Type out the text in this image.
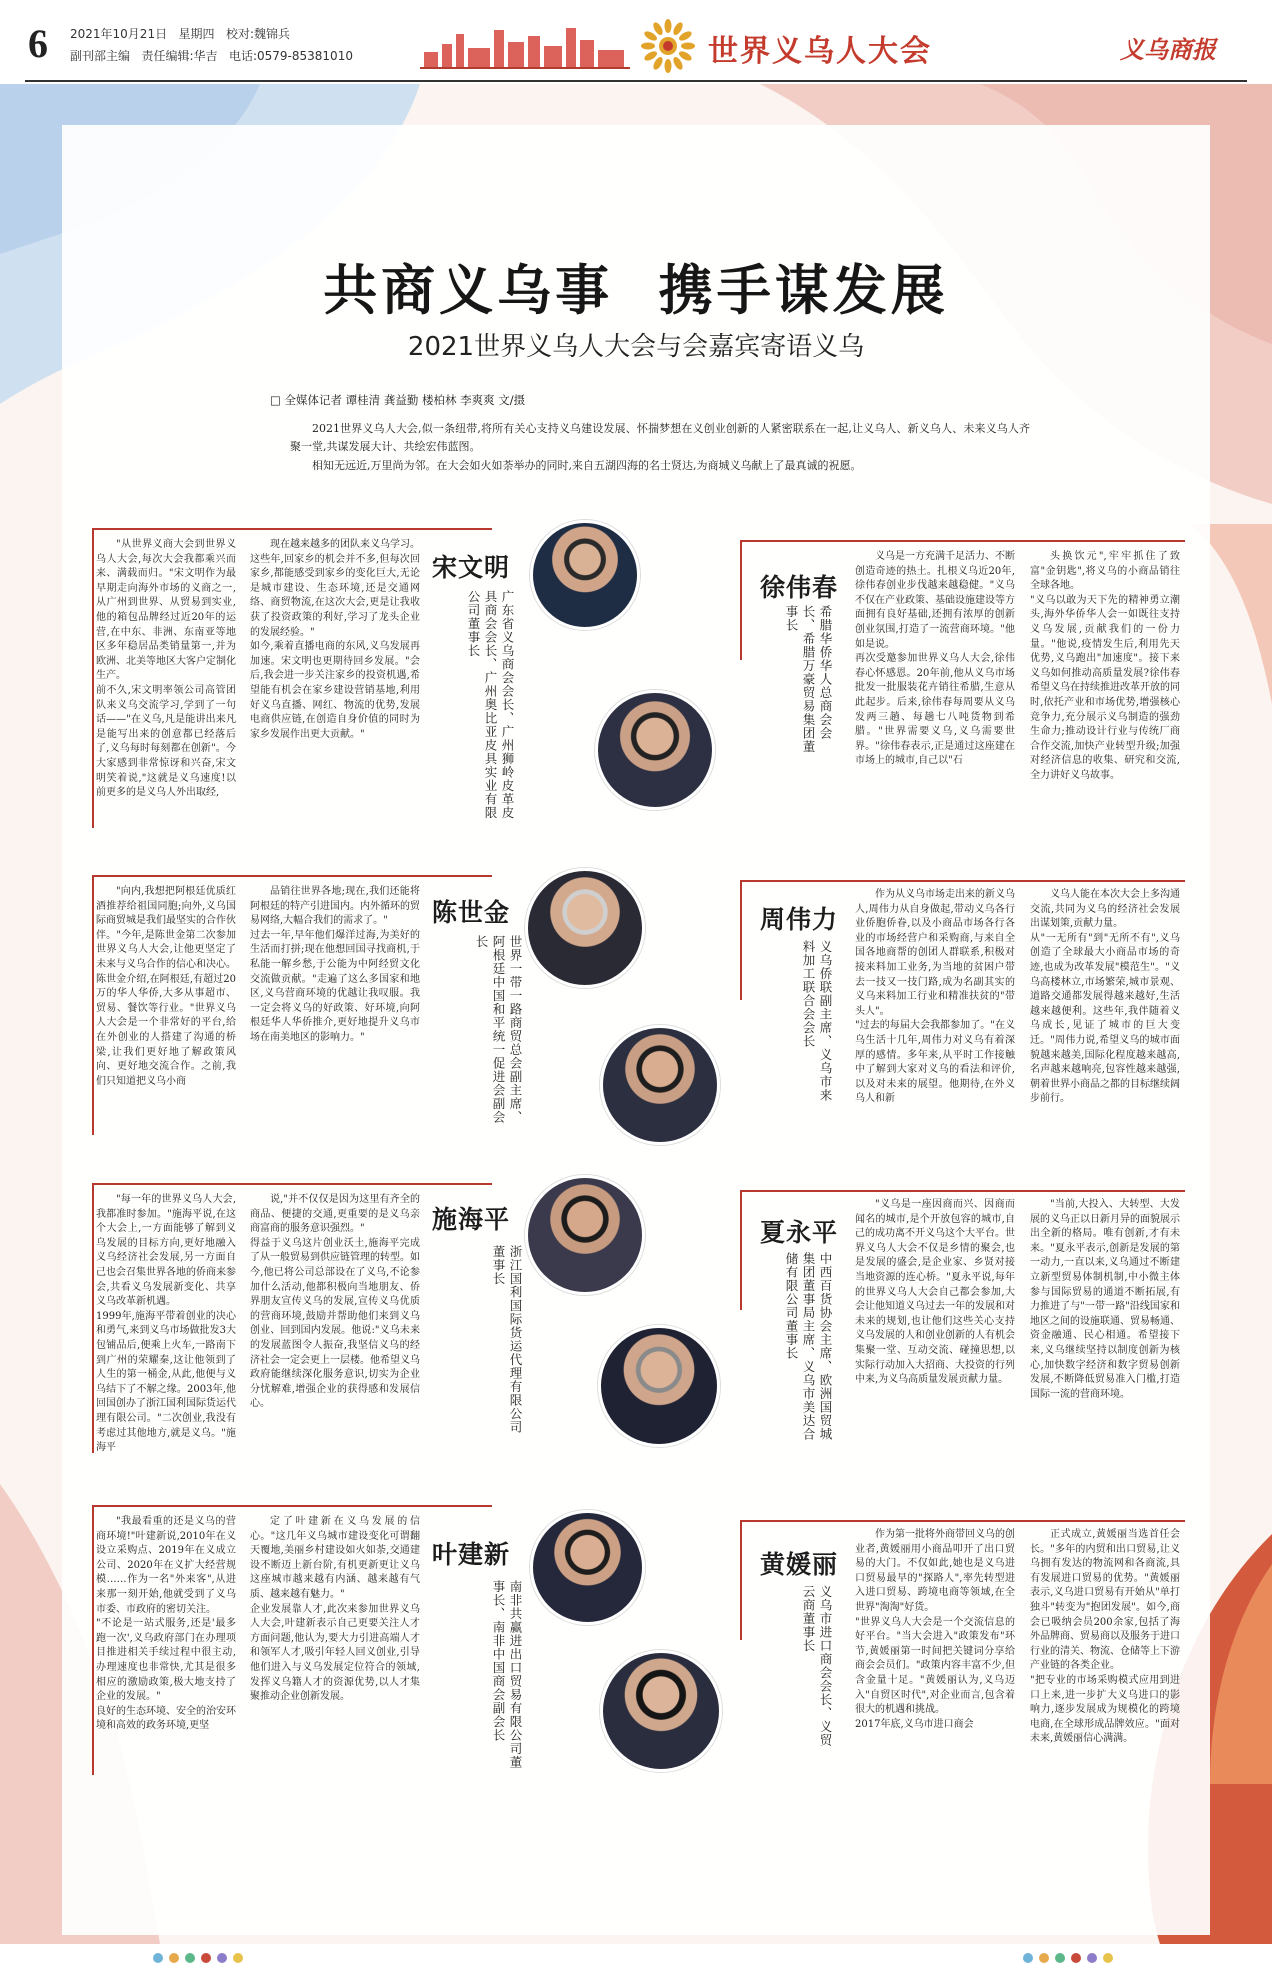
6 2021年10月21日 星期四 校对:魏锦兵
副刊部主编 责任编辑:华吉 电话:0579-85381010	世界义乌人大会	义乌商报
共商义乌事  携手谋发展
2021世界义乌人大会与会嘉宾寄语义乌
□ 全媒体记者 谭桂清 龚益勤 楼柏林 李爽爽 文/摄
2021世界义乌人大会,似一条纽带,将所有关心支持义乌建设发展、怀揣梦想在义创业创新的人紧密联系在一起,让义乌人、新义乌人、未来义乌人齐聚一堂,共谋发展大计、共绘宏伟蓝图。
相知无远近,万里尚为邻。在大会如火如荼举办的同时,来自五湖四海的名士贤达,为商城义乌献上了最真诚的祝愿。
"从世界义商大会到世界义乌人大会,每次大会我都乘兴而来、满载而归。"宋文明作为最早期走向海外市场的义商之一,从广州到世界、从贸易到实业,他的箱包品牌经过近20年的运营,在中东、非洲、东南亚等地区多年稳居品类销量第一,并为欧洲、北美等地区大客户定制化生产。
前不久,宋文明率领公司高管团队来义乌交流学习,学到了一句话——"在义乌,凡是能讲出来凡是能写出来的创意都已经落后了,义乌每时每刻都在创新"。今大家感到非常惊讶和兴奋,宋文明笑着说,"这就是义乌速度!以前更多的是义乌人外出取经,
现在越来越多的团队来义乌学习。这些年,回家乡的机会并不多,但每次回家乡,都能感受到家乡的变化巨大,无论是城市建设、生态环境,还是交通网络、商贸物流,在这次大会,更是让我收获了投资政策的利好,学习了龙头企业的发展经验。"
如今,乘着直播电商的东风,义乌发展再加速。宋文明也更期待回乡发展。"会后,我会进一步关注家乡的投资机遇,希望能有机会在家乡建设营销基地,利用好义乌直播、网红、物流的优势,发展电商供应链,在创造自身价值的同时为家乡发展作出更大贡献。"
宋文明
广东省义乌商会会长、广州狮岭皮革皮具商会会长、广州奥比亚皮具实业有限公司董事长
徐伟春
希腊华侨华人总商会会长、希腊万豪贸易集团董事长
义乌是一方充满千足活力、不断创造奇迹的热土。扎根义乌近20年,徐伟春创业步伐越来越稳健。"义乌不仅在产业政策、基础设施建设等方面拥有良好基础,还拥有浓厚的创新创业氛围,打造了一流营商环境。"他如是说。
再次受邀参加世界义乌人大会,徐伟春心怀感恩。20年前,他从义乌市场批发一批服装花卉销往希腊,生意从此起步。后来,徐伟春每周要从义乌发两三趟、每趟七八吨货物到希腊。"世界需要义乌,义乌需要世界。"徐伟春表示,正是通过这座建在市场上的城市,自己以"石
头换饮元",牢牢抓住了致富"金钥匙",将义乌的小商品销往全球各地。
"义乌以敢为天下先的精神勇立潮头,海外华侨华人会一如既往支持义乌发展,贡献我们的一份力量。"他说,疫情发生后,利用先天优势,义乌跑出"加速度"。接下来义乌如何推动高质量发展?徐伟春希望义乌在持续推进改革开放的同时,依托产业和市场优势,增强核心竞争力,充分展示义乌制造的强劲生命力;推动设计行业与传统厂商合作交流,加快产业转型升级;加强对经济信息的收集、研究和交流,全力讲好义乌故事。
"向内,我想把阿根廷优质红酒推荐给祖国同胞;向外,义乌国际商贸城是我们最坚实的合作伙伴。"今年,是陈世金第二次参加世界义乌人大会,让他更坚定了未来与义乌合作的信心和决心。
陈世金介绍,在阿根廷,有超过20万的华人华侨,大多从事超市、贸易、餐饮等行业。"世界义乌人大会是一个非常好的平台,给在外创业的人搭建了沟通的桥梁,让我们更好地了解政策风向、更好地交流合作。之前,我们只知道把义乌小商
品销往世界各地;现在,我们还能将阿根廷的特产引进国内。内外循环的贸易网络,大幅合我们的需求了。"
过去一年,早年他们爆洋过海,为美好的生活而打拼;现在他想回国寻找商机,于私能一解乡愁,于公能为中阿经贸文化交流做贡献。"走遍了这么多国家和地区,义乌营商环境的优越让我叹服。我一定会将义乌的好政策、好环境,向阿根廷华人华侨推介,更好地提升义乌市场在南美地区的影响力。"
陈世金
世界一带一路商贸总会副主席、阿根廷中国和平统一促进会副会长
周伟力
义乌侨联副主席、义乌市来料加工联合会会长
作为从义乌市场走出来的新义乌人,周伟力从自身做起,带动义乌各行业侨胞侨眷,以及小商品市场各行各业的市场经营户和采购商,与来自全国各地商帮的创团人群联系,积极对接来料加工业务,为当地的贫困户带去一技又一技门路,成为名副其实的义乌来料加工行业和精准扶贫的"带头人"。
"过去的每届大会我都参加了。"在义乌生活十几年,周伟力对义乌有着深厚的感情。多年来,从平时工作接触中了解到大家对义乌的看法和评价,以及对未来的展望。他期待,在外义乌人和新
义乌人能在本次大会上多沟通交流,共同为义乌的经济社会发展出谋划策,贡献力量。
从"一无所有"到"无所不有",义乌创造了全球最大小商品市场的奇迹,也成为改革发展"模范生"。"义乌高楼林立,市场繁荣,城市景观、道路交通都发展得越来越好,生活越来越便利。这些年,我伴随着义乌成长,见证了城市的巨大变迁。"周伟力说,希望义乌的城市面貌越来越美,国际化程度越来越高,名声越来越响亮,包容性越来越强,朝着世界小商品之都的目标继续阔步前行。
"每一年的世界义乌人大会,我都准时参加。"施海平说,在这个大会上,一方面能够了解到义乌发展的目标方向,更好地融入义乌经济社会发展,另一方面自己也会召集世界各地的侨商来参会,共看义乌发展新变化、共享义乌改革新机遇。
1999年,施海平带着创业的决心和勇气,来到义乌市场做批发3大包铺品后,便乘上火车,一路南下到广州的荣耀秦,这让他领到了人生的第一桶金,从此,他便与义乌结下了不解之缘。2003年,他回国创办了浙江国利国际货运代理有限公司。"二次创业,我没有考虑过其他地方,就是义乌。"施海平
说,"并不仅仅是因为这里有齐全的商品、便捷的交通,更重要的是义乌亲商富商的服务意识强烈。"
得益于义乌这片创业沃土,施海平完成了从一般贸易到供应链管理的转型。如今,他已将公司总部设在了义乌,不论参加什么活动,他都积极向当地朋友、侨界朋友宣传义乌的发展,宣传义乌优质的营商环境,鼓励并帮助他们来到义乌创业、回到国内发展。他说:"义乌未来的发展蓝图令人振奋,我坚信义乌的经济社会一定会更上一层楼。他希望义乌政府能继续深化服务意识,切实为企业分忧解难,增强企业的获得感和发展信心。
施海平
浙江国利国际货运代理有限公司董事长
夏永平
中西百货协会主席、欧洲国贸城集团董事局主席、义乌市美达合储有限公司董事长
"义乌是一座因商而兴、因商而闻名的城市,是个开放包容的城市,自己的成功离不开义乌这个大平台。世界义乌人大会不仅是乡情的聚会,也是发展的盛会,是企业家、乡贤对接当地资源的连心桥。"夏永平说,每年的世界义乌人大会自己都会参加,大会让他知道义乌过去一年的发展和对未来的规划,也让他们这些关心支持义乌发展的人和创业创新的人有机会集聚一堂、互动交流、碰撞思想,以实际行动加入大招商、大投资的行列中来,为义乌高质量发展贡献力量。
"当前,大投入、大转型、大发展的义乌正以日新月异的面貌展示出全新的格局。唯有创新,才有未来。"夏永平表示,创新是发展的第一动力,一直以来,义乌通过不断建立新型贸易体制机制,中小微主体参与国际贸易的通道不断拓展,有力推进了与"一带一路"沿线国家和地区之间的设施联通、贸易畅通、资金融通、民心相通。希望接下来,义乌继续坚持以制度创新为核心,加快数字经济和数字贸易创新发展,不断降低贸易准入门槛,打造国际一流的营商环境。
"我最看重的还是义乌的营商环境!"叶建新说,2010年在义设立采购点、2019年在义成立公司、2020年在义扩大经营规模……作为一名"外来客",从进来那一刻开始,他就受到了义乌市委、市政府的密切关注。
"不论是一站式服务,还是'最多跑一次',义乌政府部门在办理项目推进相关手续过程中很主动,办理速度也非常快,尤其是很多相应的激励政策,极大地支持了企业的发展。"
良好的生态环境、安全的治安环境和高效的政务环境,更坚
定了叶建新在义乌发展的信心。"这几年义乌城市建设变化可谓翻天覆地,美丽乡村建设如火如荼,交通建设不断迈上新台阶,有机更新更让义乌这座城市越来越有内涵、越来越有气质、越来越有魅力。"
企业发展靠人才,此次来参加世界义乌人大会,叶建新表示自己更要关注人才方面问题,他认为,要大力引进高端人才和领军人才,吸引年轻人回义创业,引导他们进入与义乌发展定位符合的领域,发挥义乌籍人才的资源优势,以人才集聚推动企业创新发展。
叶建新
南非共赢进出口贸易有限公司董事长、南非中国商会副会长
黄媛丽
义乌市进口商会会长、义贸云商董事长
作为第一批将外商带回义乌的创业者,黄媛丽用小商品叩开了出口贸易的大门。不仅如此,她也是义乌进口贸易最早的"探路人",率先转型进入进口贸易、跨境电商等领域,在全世界"淘淘"好货。
"世界义乌人大会是一个交流信息的好平台。"当大会进入"政策发布"环节,黄媛丽第一时间把关键词分享给商会会员们。"政策内容丰富不少,但含金量十足。"黄媛丽认为,义乌迈入"自贸区时代",对企业而言,包含着很大的机遇和挑战。
2017年底,义乌市进口商会
正式成立,黄媛丽当选首任会长。"多年的内贸和出口贸易,让义乌拥有发达的物流网和各商流,具有发展进口贸易的优势。"黄媛丽表示,义乌进口贸易有开始从"单打独斗"转变为"抱团发展"。如今,商会已吸纳会员200余家,包括了海外品牌商、贸易商以及服务于进口行业的清关、物流、仓储等上下游产业链的各类企业。
"把专业的市场采购模式应用到进口上来,进一步扩大义乌进口的影响力,逐步发展成为规模化的跨境电商,在全球形成品牌效应。"面对未来,黄媛丽信心满满。
